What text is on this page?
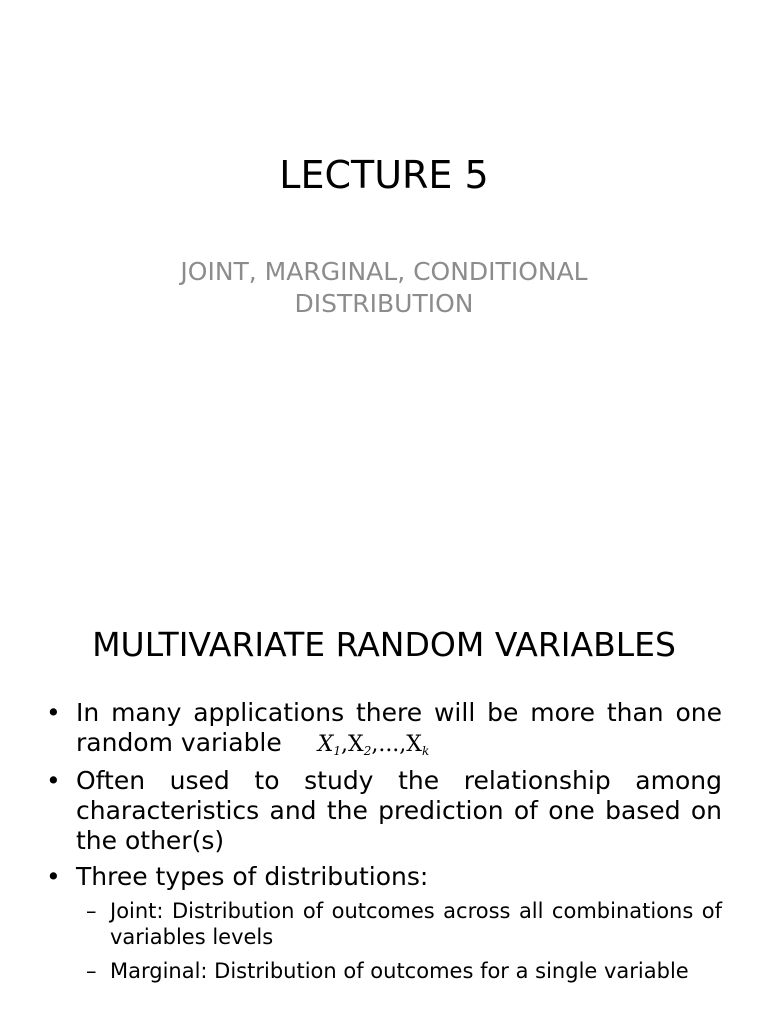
LECTURE 5
JOINT, MARGINAL, CONDITIONAL
DISTRIBUTION
MULTIVARIATE RANDOM VARIABLES
• In many applications there will be more than one random variable $X_1,X_2,...,X_k$
• Often used to study the relationship among characteristics and the prediction of one based on the other(s)
• Three types of distributions:
– Joint: Distribution of outcomes across all combinations of variables levels
– Marginal: Distribution of outcomes for a single variable
